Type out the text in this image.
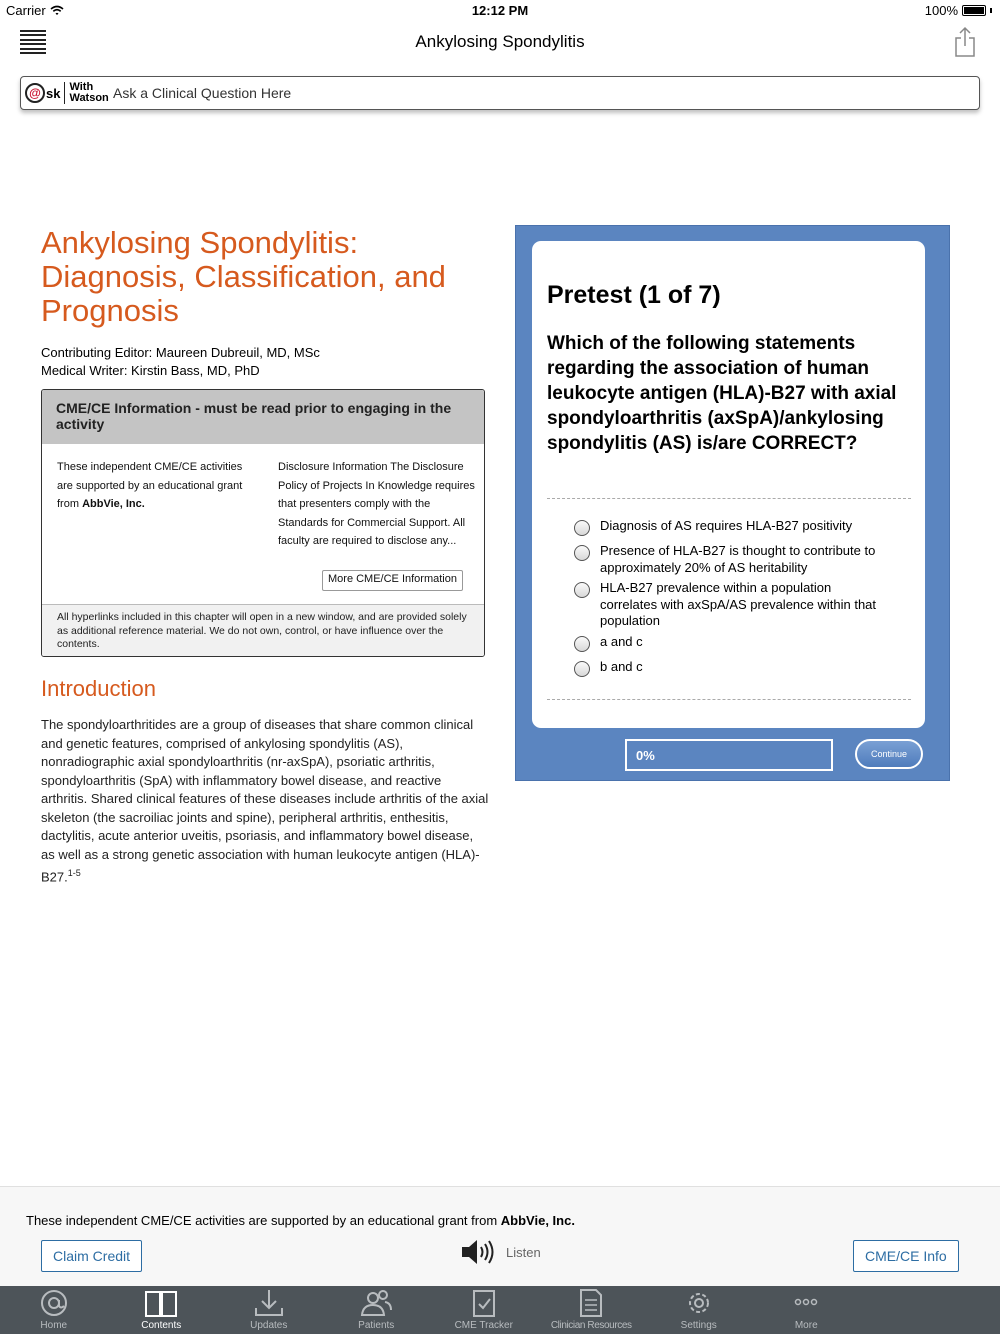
Carrier	12:12 PM	100%
Ankylosing Spondylitis
@ sk With
Watson
Ask a Clinical Question Here
Ankylosing Spondylitis: Diagnosis, Classification, and Prognosis
Contributing Editor: Maureen Dubreuil, MD, MSc
Medical Writer: Kirstin Bass, MD, PhD
CME/CE Information - must be read prior to engaging in the activity
These independent CME/CE activities are supported by an educational grant from AbbVie, Inc.
Disclosure Information The Disclosure Policy of Projects In Knowledge requires that presenters comply with the Standards for Commercial Support. All faculty are required to disclose any...
More CME/CE Information
All hyperlinks included in this chapter will open in a new window, and are provided solely as additional reference material. We do not own, control, or have influence over the contents.
Introduction

The spondyloarthritides are a group of diseases that share common clinical and genetic features, comprised of ankylosing spondylitis (AS), nonradiographic axial spondyloarthritis (nr-axSpA), psoriatic arthritis, spondyloarthritis (SpA) with inflammatory bowel disease, and reactive arthritis. Shared clinical features of these diseases include arthritis of the axial skeleton (the sacroiliac joints and spine), peripheral arthritis, enthesitis, dactylitis, acute anterior uveitis, psoriasis, and inflammatory bowel disease, as well as a strong genetic association with human leukocyte antigen (HLA)-B27.$^{1-5}$

Pretest (1 of 7)
Which of the following statements regarding the association of human leukocyte antigen (HLA)-B27 with axial spondyloarthritis (axSpA)/ankylosing spondylitis (AS) is/are CORRECT?
Diagnosis of AS requires HLA-B27 positivity
Presence of HLA-B27 is thought to contribute to approximately 20% of AS heritability
HLA-B27 prevalence within a population correlates with axSpA/AS prevalence within that population
a and c
b and c
0%	Continue
These independent CME/CE activities are supported by an educational grant from AbbVie, Inc.
Claim Credit	Listen	CME/CE Info
Home	Contents	Updates	Patients	CME Tracker	Clinician Resources	Settings	More
